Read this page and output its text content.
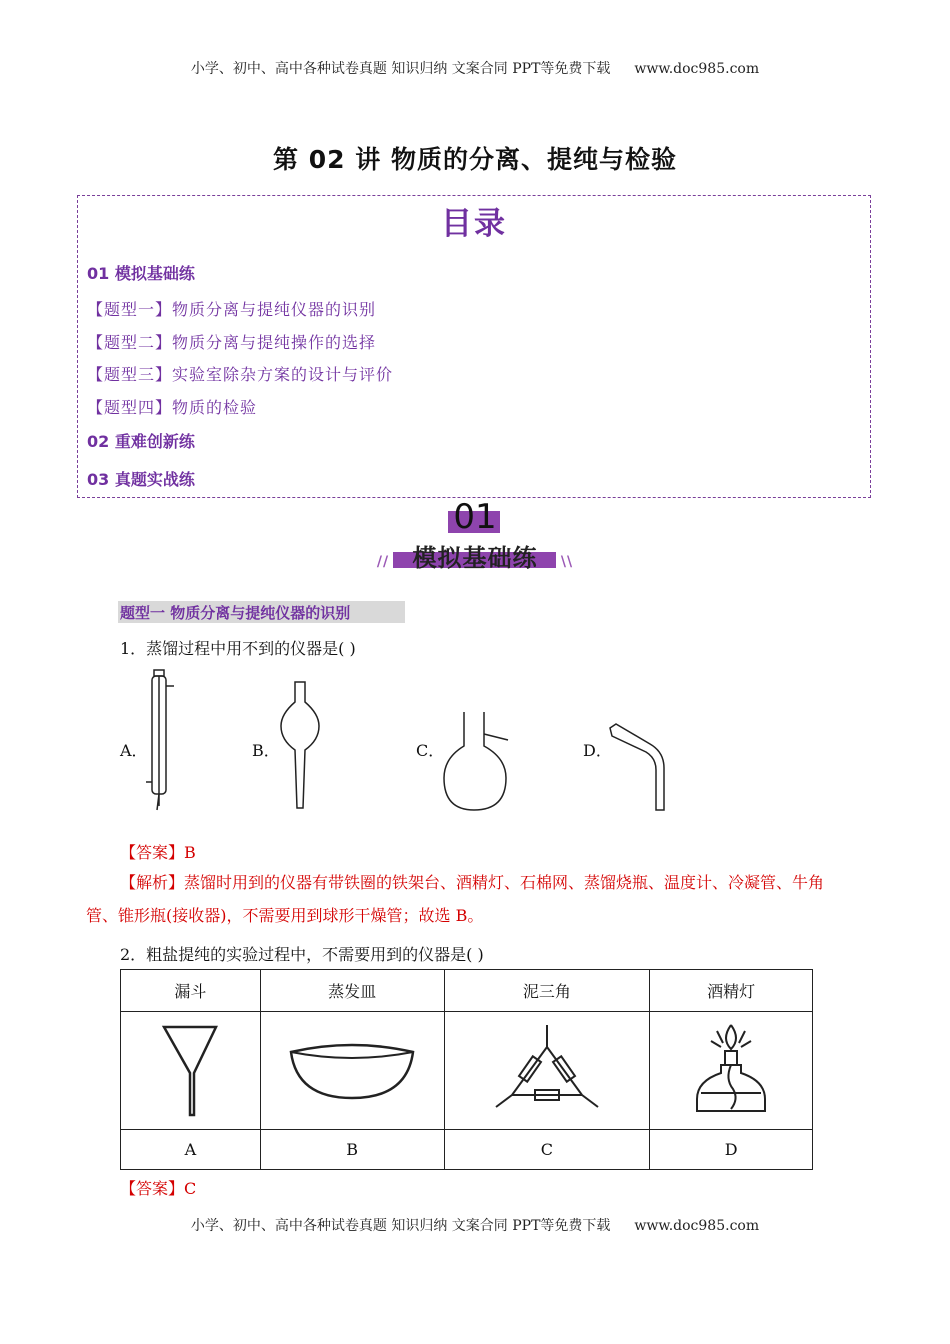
小学、初中、高中各种试卷真题 知识归纳 文案合同 PPT等免费下载 www.doc985.com
第 02 讲 物质的分离、提纯与检验
目录
01 模拟基础练
【题型一】物质分离与提纯仪器的识别
【题型二】物质分离与提纯操作的选择
【题型三】实验室除杂方案的设计与评价
【题型四】物质的检验
02 重难创新练
03 真题实战练
01
// 模拟基础练 \\
题型一 物质分离与提纯仪器的识别
1．蒸馏过程中用不到的仪器是( )
A．	B．	C．	D．
【答案】B
【解析】蒸馏时用到的仪器有带铁圈的铁架台、酒精灯、石棉网、蒸馏烧瓶、温度计、冷凝管、牛角
管、锥形瓶(接收器)，不需要用到球形干燥管；故选 B。
2．粗盐提纯的实验过程中，不需要用到的仪器是( )
漏斗	蒸发皿	泥三角	酒精灯

A	B	C	D
【答案】C
小学、初中、高中各种试卷真题 知识归纳 文案合同 PPT等免费下载 www.doc985.com
